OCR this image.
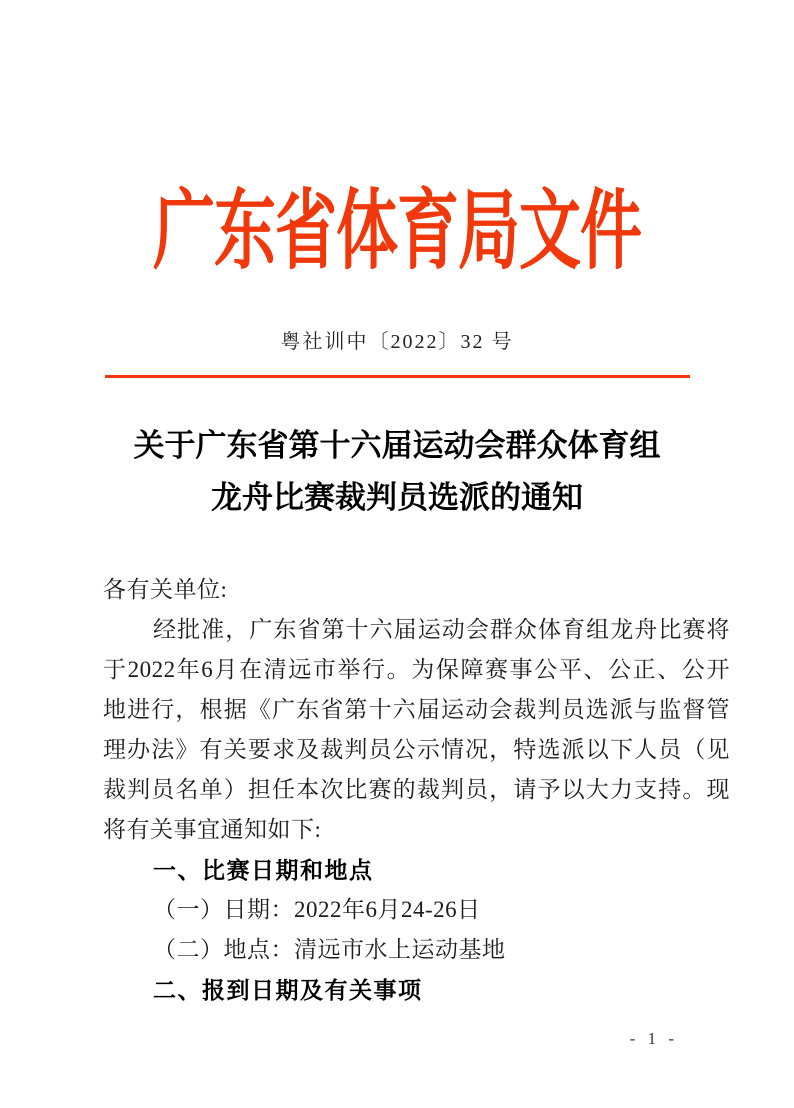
广东省体育局文件
粤社训中〔2022〕32 号
关于广东省第十六届运动会群众体育组
龙舟比赛裁判员选派的通知
各有关单位:
经批准，广东省第十六届运动会群众体育组龙舟比赛将
于2022年6月在清远市举行。为保障赛事公平、公正、公开
地进行，根据《广东省第十六届运动会裁判员选派与监督管
理办法》有关要求及裁判员公示情况，特选派以下人员（见
裁判员名单）担任本次比赛的裁判员，请予以大力支持。现
将有关事宜通知如下:
一、比赛日期和地点
（一）日期：2022年6月24-26日
（二）地点：清远市水上运动基地
二、报到日期及有关事项
- 1 -
